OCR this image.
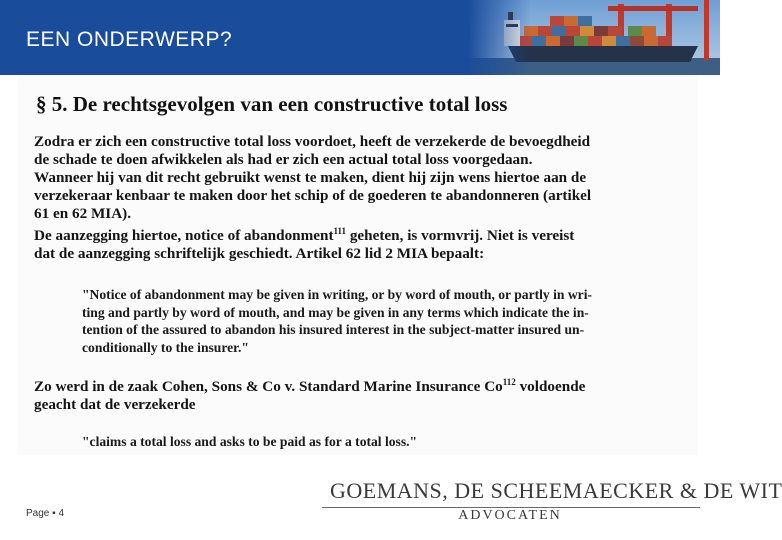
EEN ONDERWERP?
§ 5. De rechtsgevolgen van een constructive total loss
Zodra er zich een constructive total loss voordoet, heeft de verzekerde de bevoegdheid
de schade te doen afwikkelen als had er zich een actual total loss voorgedaan.
Wanneer hij van dit recht gebruikt wenst te maken, dient hij zijn wens hiertoe aan de
verzekeraar kenbaar te maken door het schip of de goederen te abandonneren (artikel
61 en 62 MIA).
De aanzegging hiertoe, notice of abandonment$^{111}$ geheten, is vormvrij. Niet is vereist
dat de aanzegging schriftelijk geschiedt. Artikel 62 lid 2 MIA bepaalt:
"Notice of abandonment may be given in writing, or by word of mouth, or partly in wri-
ting and partly by word of mouth, and may be given in any terms which indicate the in-
tention of the assured to abandon his insured interest in the subject-matter insured un-
conditionally to the insurer."
Zo werd in de zaak Cohen, Sons & Co v. Standard Marine Insurance Co$^{112}$ voldoende
geacht dat de verzekerde
"claims a total loss and asks to be paid as for a total loss."
Page ▪ 4
GOEMANS, DE SCHEEMAECKER & DE WIT
ADVOCATEN
